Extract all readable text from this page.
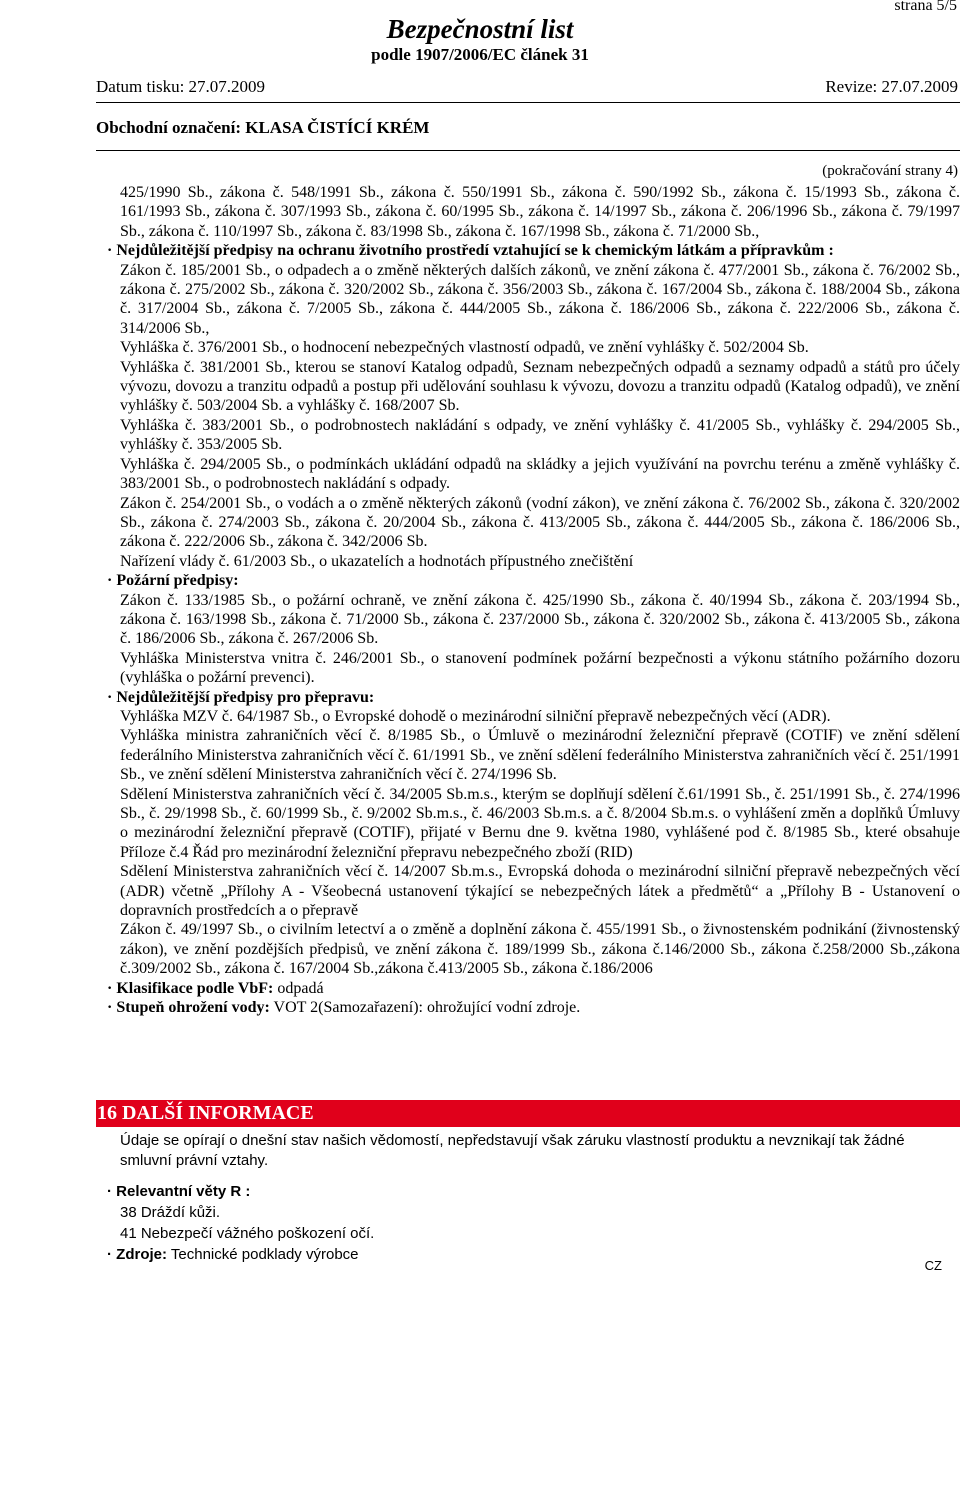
strana 5/5
Bezpečnostní list
podle 1907/2006/EC článek 31
Datum tisku: 27.07.2009	Revize: 27.07.2009
Obchodní označení: KLASA ČISTÍCÍ KRÉM
(pokračování strany 4)

425/1990 Sb., zákona č. 548/1991 Sb., zákona č. 550/1991 Sb., zákona č. 590/1992 Sb., zákona č. 15/1993 Sb., zákona č. 161/1993 Sb., zákona č. 307/1993 Sb., zákona č. 60/1995 Sb., zákona č. 14/1997 Sb., zákona č. 206/1996 Sb., zákona č. 79/1997 Sb., zákona č. 110/1997 Sb., zákona č. 83/1998 Sb., zákona č. 167/1998 Sb., zákona č. 71/2000 Sb.,

· Nejdůležitější předpisy na ochranu životního prostředí vztahující se k chemickým látkám a přípravkům :

Zákon č. 185/2001 Sb., o odpadech a o změně některých dalších zákonů, ve znění zákona č. 477/2001 Sb., zákona č. 76/2002 Sb., zákona č. 275/2002 Sb., zákona č. 320/2002 Sb., zákona č. 356/2003 Sb., zákona č. 167/2004 Sb., zákona č. 188/2004 Sb., zákona č. 317/2004 Sb., zákona č. 7/2005 Sb., zákona č. 444/2005 Sb., zákona č. 186/2006 Sb., zákona č. 222/2006 Sb., zákona č. 314/2006 Sb.,

Vyhláška č. 376/2001 Sb., o hodnocení nebezpečných vlastností odpadů, ve znění vyhlášky č. 502/2004 Sb.

Vyhláška č. 381/2001 Sb., kterou se stanoví Katalog odpadů, Seznam nebezpečných odpadů a seznamy odpadů a států pro účely vývozu, dovozu a tranzitu odpadů a postup při udělování souhlasu k vývozu, dovozu a tranzitu odpadů (Katalog odpadů), ve znění vyhlášky č. 503/2004 Sb. a vyhlášky č. 168/2007 Sb.

Vyhláška č. 383/2001 Sb., o podrobnostech nakládání s odpady, ve znění vyhlášky č. 41/2005 Sb., vyhlášky č. 294/2005 Sb., vyhlášky č. 353/2005 Sb.

Vyhláška č. 294/2005 Sb., o podmínkách ukládání odpadů na skládky a jejich využívání na povrchu terénu a změně vyhlášky č. 383/2001 Sb., o podrobnostech nakládání s odpady.

Zákon č. 254/2001 Sb., o vodách a o změně některých zákonů (vodní zákon), ve znění zákona č. 76/2002 Sb., zákona č. 320/2002 Sb., zákona č. 274/2003 Sb., zákona č. 20/2004 Sb., zákona č. 413/2005 Sb., zákona č. 444/2005 Sb., zákona č. 186/2006 Sb., zákona č. 222/2006 Sb., zákona č. 342/2006 Sb.

Nařízení vlády č. 61/2003 Sb., o ukazatelích a hodnotách přípustného znečištění

· Požární předpisy:

Zákon č. 133/1985 Sb., o požární ochraně, ve znění zákona č. 425/1990 Sb., zákona č. 40/1994 Sb., zákona č. 203/1994 Sb., zákona č. 163/1998 Sb., zákona č. 71/2000 Sb., zákona č. 237/2000 Sb., zákona č. 320/2002 Sb., zákona č. 413/2005 Sb., zákona č. 186/2006 Sb., zákona č. 267/2006 Sb.

Vyhláška Ministerstva vnitra č. 246/2001 Sb., o stanovení podmínek požární bezpečnosti a výkonu státního požárního dozoru (vyhláška o požární prevenci).

· Nejdůležitější předpisy pro přepravu:

Vyhláška MZV č. 64/1987 Sb., o Evropské dohodě o mezinárodní silniční přepravě nebezpečných věcí (ADR).

Vyhláška ministra zahraničních věcí č. 8/1985 Sb., o Úmluvě o mezinárodní železniční přepravě (COTIF) ve znění sdělení federálního Ministerstva zahraničních věcí č. 61/1991 Sb., ve znění sdělení federálního Ministerstva zahraničních věcí č. 251/1991 Sb., ve znění sdělení Ministerstva zahraničních věcí č. 274/1996 Sb.

Sdělení Ministerstva zahraničních věcí č. 34/2005 Sb.m.s., kterým se doplňují sdělení č.61/1991 Sb., č. 251/1991 Sb., č. 274/1996 Sb., č. 29/1998 Sb., č. 60/1999 Sb., č. 9/2002 Sb.m.s., č. 46/2003 Sb.m.s. a č. 8/2004 Sb.m.s. o vyhlášení změn a doplňků Úmluvy o mezinárodní železniční přepravě (COTIF), přijaté v Bernu dne 9. května 1980, vyhlášené pod č. 8/1985 Sb., které obsahuje Příloze č.4 Řád pro mezinárodní železniční přepravu nebezpečného zboží (RID)

Sdělení Ministerstva zahraničních věcí č. 14/2007 Sb.m.s., Evropská dohoda o mezinárodní silniční přepravě nebezpečných věcí (ADR) včetně „Přílohy A - Všeobecná ustanovení týkající se nebezpečných látek a předmětů“ a „Přílohy B - Ustanovení o dopravních prostředcích a o přepravě

Zákon č. 49/1997 Sb., o civilním letectví a o změně a doplnění zákona č. 455/1991 Sb., o živnostenském podnikání (živnostenský zákon), ve znění pozdějších předpisů, ve znění zákona č. 189/1999 Sb., zákona č.146/2000 Sb., zákona č.258/2000 Sb.,zákona č.309/2002 Sb., zákona č. 167/2004 Sb.,zákona č.413/2005 Sb., zákona č.186/2006

· Klasifikace podle VbF: odpadá

· Stupeň ohrožení vody: VOT 2(Samozařazení): ohrožující vodní zdroje.

16 DALŠÍ INFORMACE

Údaje se opírají o dnešní stav našich vědomostí, nepředstavují však záruku vlastností produktu a nevznikají tak žádné smluvní právní vztahy.

· Relevantní věty R :

38 Dráždí kůži.

41 Nebezpečí vážného poškození očí.

· Zdroje: Technické podklady výrobce

CZ
